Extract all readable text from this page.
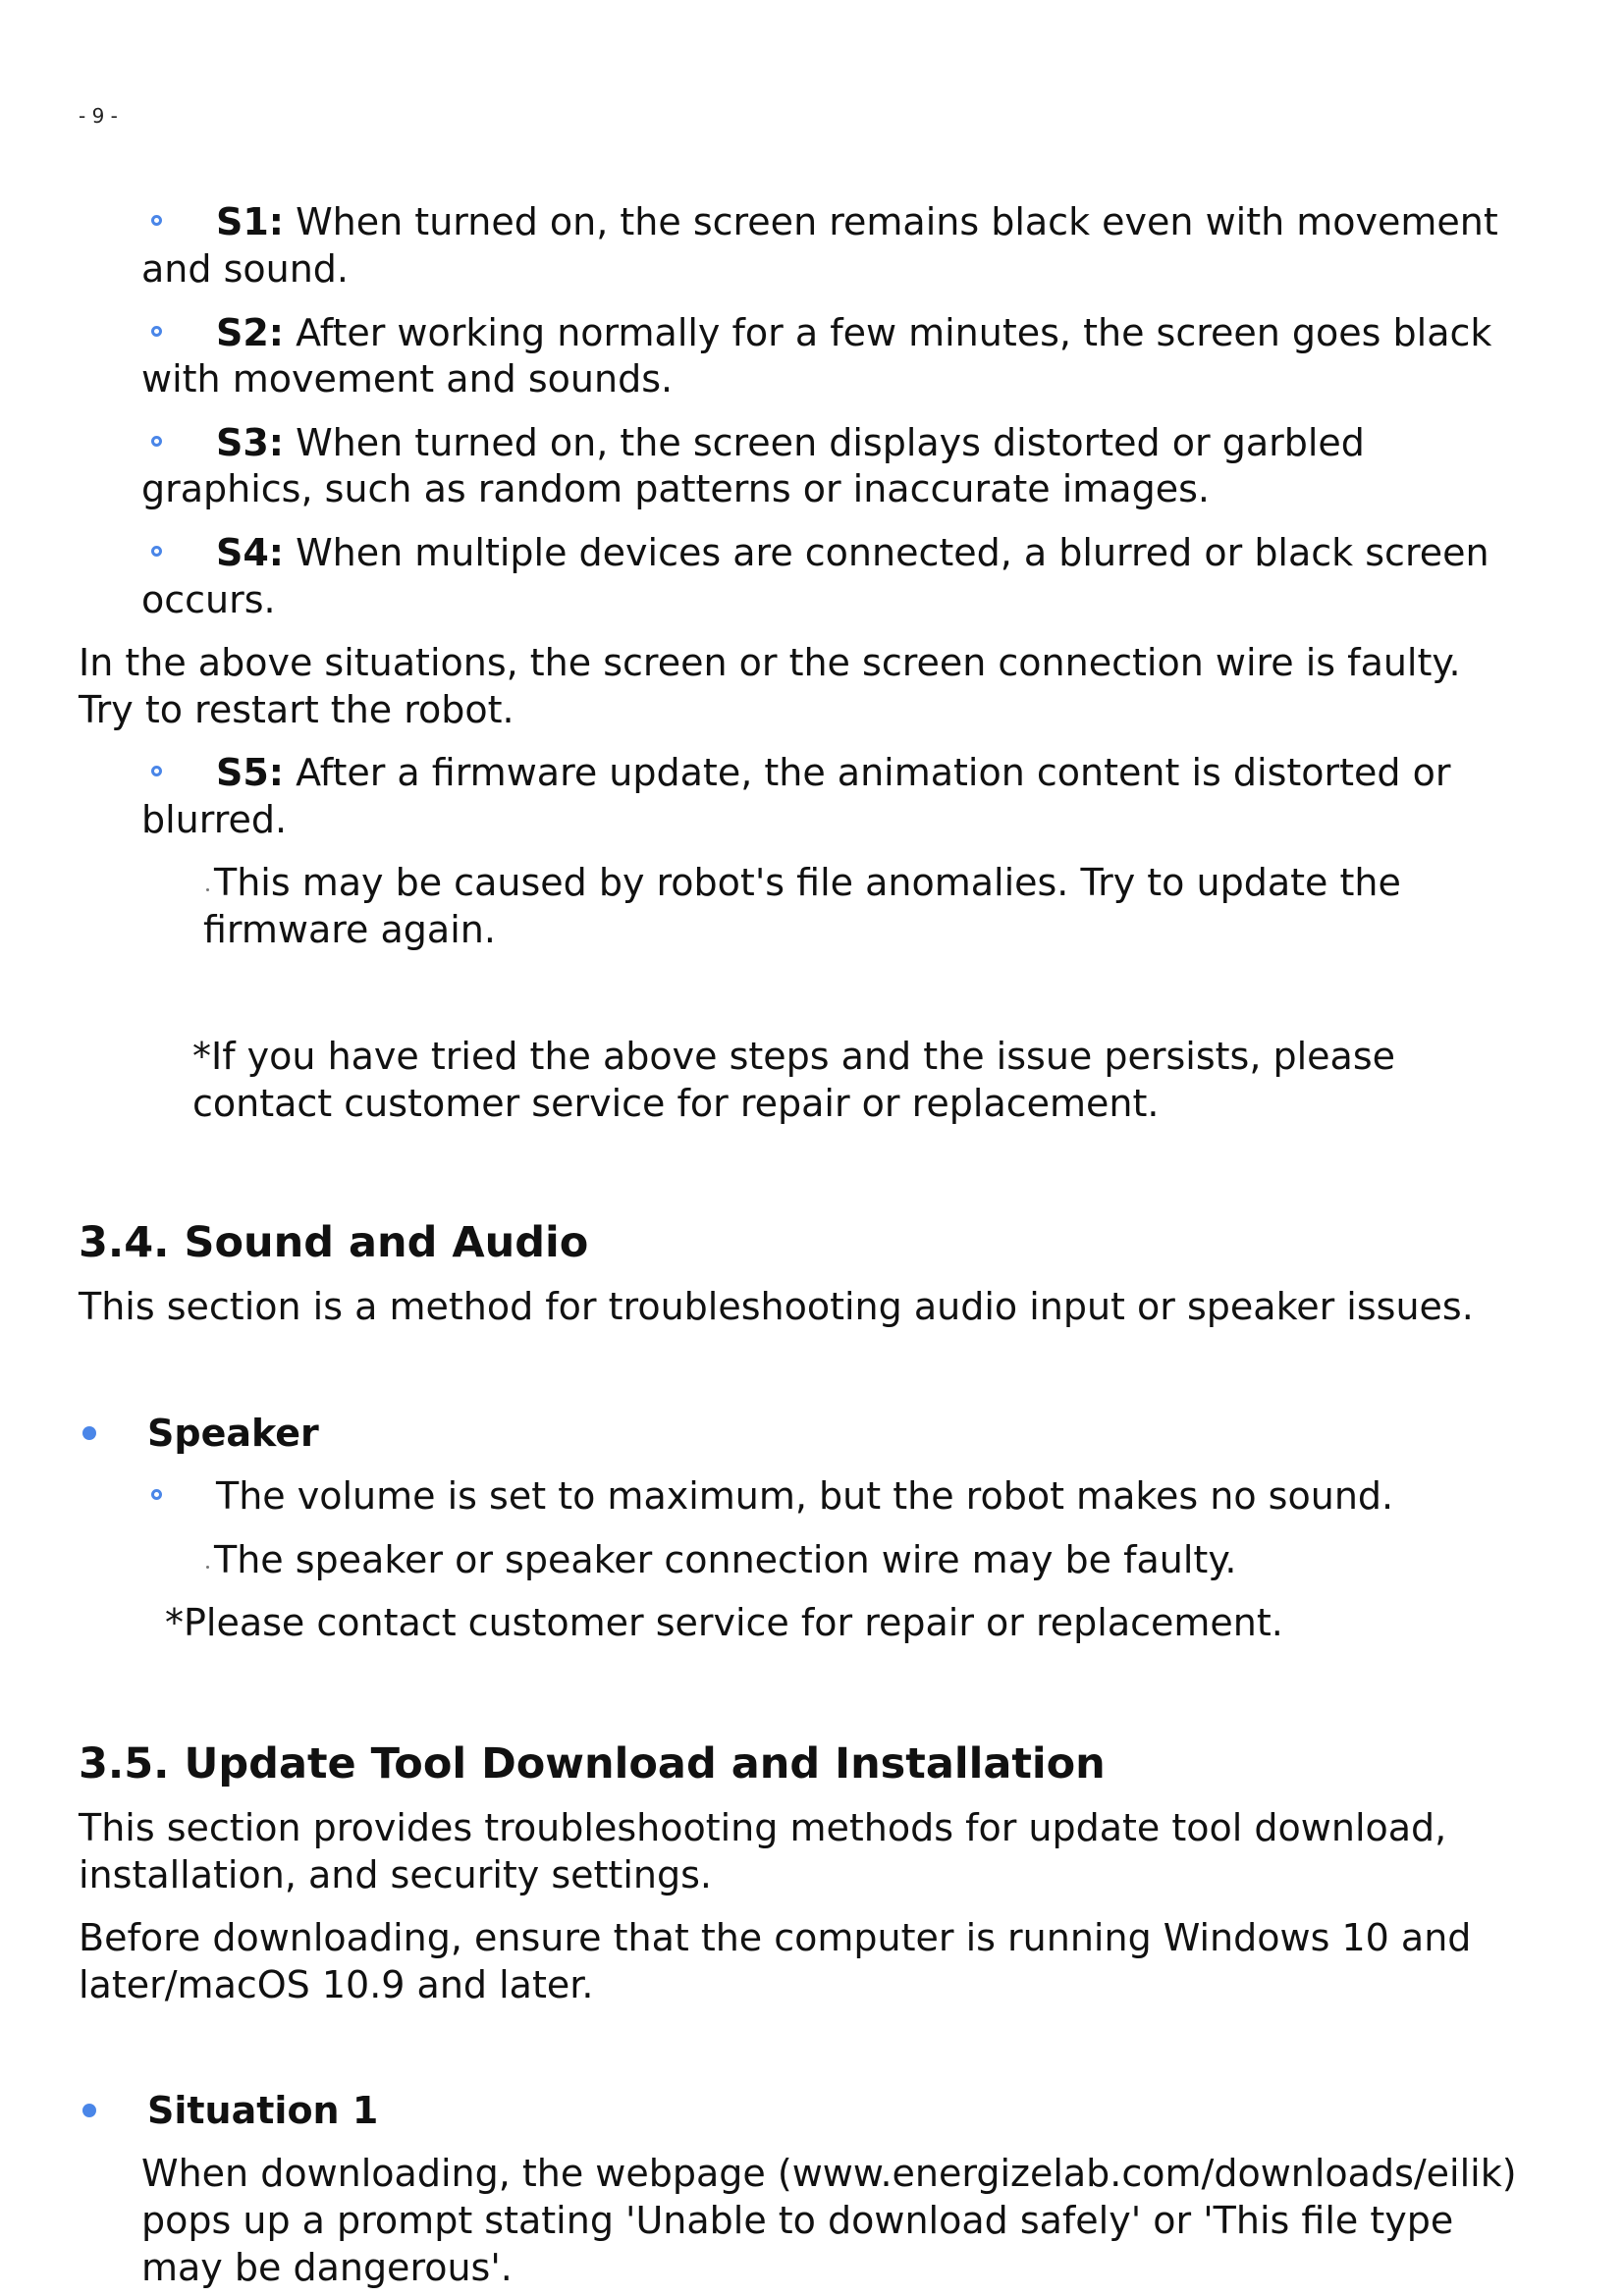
- 9 -
S1: When turned on, the screen remains black even with movement
and sound.
S2: After working normally for a few minutes, the screen goes black
with movement and sounds.
S3: When turned on, the screen displays distorted or garbled
graphics, such as random patterns or inaccurate images.
S4: When multiple devices are connected, a blurred or black screen
occurs.
In the above situations, the screen or the screen connection wire is faulty.
Try to restart the robot.
S5: After a firmware update, the animation content is distorted or
blurred.
This may be caused by robot's file anomalies. Try to update the
firmware again.
*If you have tried the above steps and the issue persists, please
contact customer service for repair or replacement.
3.4. Sound and Audio
This section is a method for troubleshooting audio input or speaker issues.
Speaker
The volume is set to maximum, but the robot makes no sound.
The speaker or speaker connection wire may be faulty.
*Please contact customer service for repair or replacement.
3.5. Update Tool Download and Installation
This section provides troubleshooting methods for update tool download,
installation, and security settings.
Before downloading, ensure that the computer is running Windows 10 and
later/macOS 10.9 and later.
Situation 1
When downloading, the webpage (www.energizelab.com/downloads/eilik)
pops up a prompt stating 'Unable to download safely' or 'This file type
may be dangerous'.
